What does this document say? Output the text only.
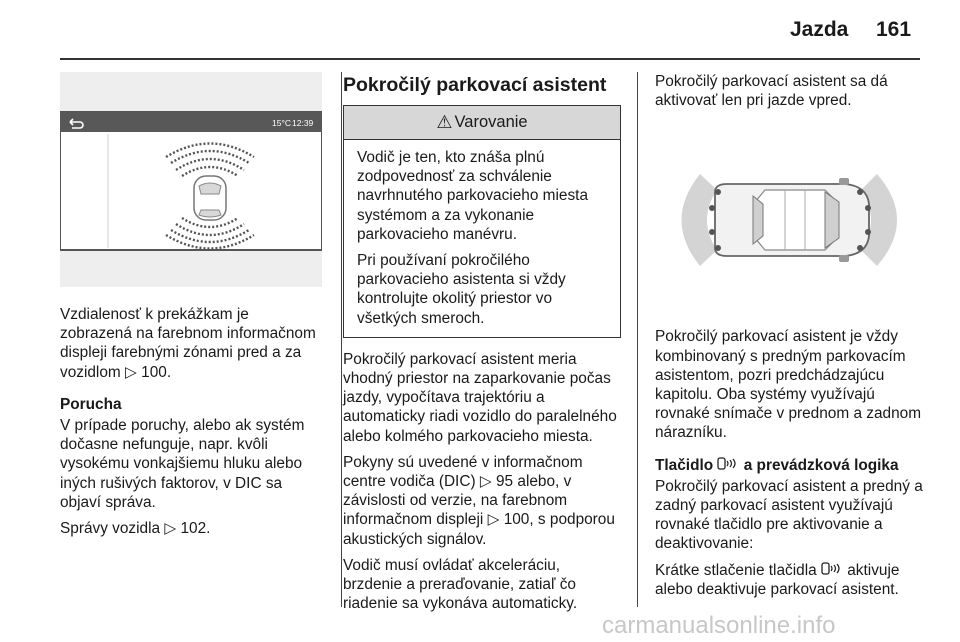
Jazda 161
15°C 12:39

Vzdialenosť k prekážkam je zobrazená na farebnom informačnom displeji farebnými zónami pred a za vozidlom ▷ 100.

Porucha

V prípade poruchy, alebo ak systém dočasne nefunguje, napr. kvôli vysokému vonkajšiemu hluku alebo iných rušivých faktorov, v DIC sa objaví správa.

Správy vozidla ▷ 102.

Pokročilý parkovací asistent
⚠ Varovanie

Vodič je ten, kto znáša plnú zodpovednosť za schválenie navrhnutého parkovacieho miesta systémom a za vykonanie parkovacieho manévru.

Pri používaní pokročilého parkovacieho asistenta si vždy kontrolujte okolitý priestor vo všetkých smeroch.

Pokročilý parkovací asistent meria vhodný priestor na zaparkovanie počas jazdy, vypočítava trajektóriu a automaticky riadi vozidlo do paralelného alebo kolmého parkovacieho miesta.

Pokyny sú uvedené v informačnom centre vodiča (DIC) ▷ 95 alebo, v závislosti od verzie, na farebnom informačnom displeji ▷ 100, s podporou akustických signálov.

Vodič musí ovládať akceleráciu, brzdenie a preraďovanie, zatiaľ čo riadenie sa vykonáva automaticky.

Pokročilý parkovací asistent sa dá aktivovať len pri jazde vpred.

Pokročilý parkovací asistent je vždy kombinovaný s predným parkovacím asistentom, pozri predchádzajúcu kapitolu. Oba systémy využívajú rovnaké snímače v prednom a zadnom nárazníku.

Tlačidlo  a prevádzková logika

Pokročilý parkovací asistent a predný a zadný parkovací asistent využívajú rovnaké tlačidlo pre aktivovanie a deaktivovanie:

Krátke stlačenie tlačidla  aktivuje alebo deaktivuje parkovací asistent.

carmanualsonline.info
